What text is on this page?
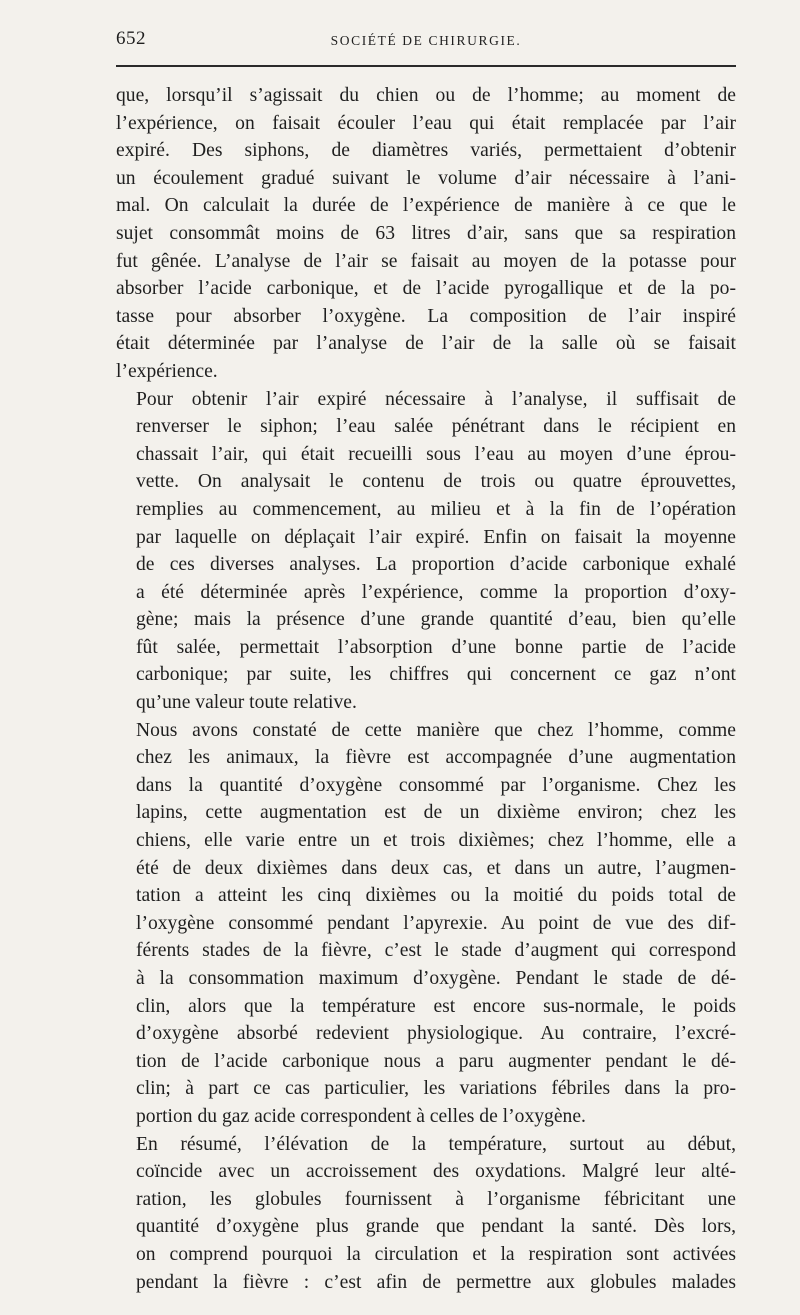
652	SOCIÉTÉ DE CHIRURGIE.

que, lorsqu’il s’agissait du chien ou de l’homme; au moment de
l’expérience, on faisait écouler l’eau qui était remplacée par l’air
expiré. Des siphons, de diamètres variés, permettaient d’obtenir
un écoulement gradué suivant le volume d’air nécessaire à l’ani-
mal. On calculait la durée de l’expérience de manière à ce que le
sujet consommât moins de 63 litres d’air, sans que sa respiration
fut gênée. L’analyse de l’air se faisait au moyen de la potasse pour
absorber l’acide carbonique, et de l’acide pyrogallique et de la po-
tasse pour absorber l’oxygène. La composition de l’air inspiré
était déterminée par l’analyse de l’air de la salle où se faisait
l’expérience.

Pour obtenir l’air expiré nécessaire à l’analyse, il suffisait de
renverser le siphon; l’eau salée pénétrant dans le récipient en
chassait l’air, qui était recueilli sous l’eau au moyen d’une éprou-
vette. On analysait le contenu de trois ou quatre éprouvettes,
remplies au commencement, au milieu et à la fin de l’opération
par laquelle on déplaçait l’air expiré. Enfin on faisait la moyenne
de ces diverses analyses. La proportion d’acide carbonique exhalé
a été déterminée après l’expérience, comme la proportion d’oxy-
gène; mais la présence d’une grande quantité d’eau, bien qu’elle
fût salée, permettait l’absorption d’une bonne partie de l’acide
carbonique; par suite, les chiffres qui concernent ce gaz n’ont
qu’une valeur toute relative.

Nous avons constaté de cette manière que chez l’homme, comme
chez les animaux, la fièvre est accompagnée d’une augmentation
dans la quantité d’oxygène consommé par l’organisme. Chez les
lapins, cette augmentation est de un dixième environ; chez les
chiens, elle varie entre un et trois dixièmes; chez l’homme, elle a
été de deux dixièmes dans deux cas, et dans un autre, l’augmen-
tation a atteint les cinq dixièmes ou la moitié du poids total de
l’oxygène consommé pendant l’apyrexie. Au point de vue des dif-
férents stades de la fièvre, c’est le stade d’augment qui correspond
à la consommation maximum d’oxygène. Pendant le stade de dé-
clin, alors que la température est encore sus-normale, le poids
d’oxygène absorbé redevient physiologique. Au contraire, l’excré-
tion de l’acide carbonique nous a paru augmenter pendant le dé-
clin; à part ce cas particulier, les variations fébriles dans la pro-
portion du gaz acide correspondent à celles de l’oxygène.

En résumé, l’élévation de la température, surtout au début,
coïncide avec un accroissement des oxydations. Malgré leur alté-
ration, les globules fournissent à l’organisme fébricitant une
quantité d’oxygène plus grande que pendant la santé. Dès lors,
on comprend pourquoi la circulation et la respiration sont activées
pendant la fièvre : c’est afin de permettre aux globules malades
